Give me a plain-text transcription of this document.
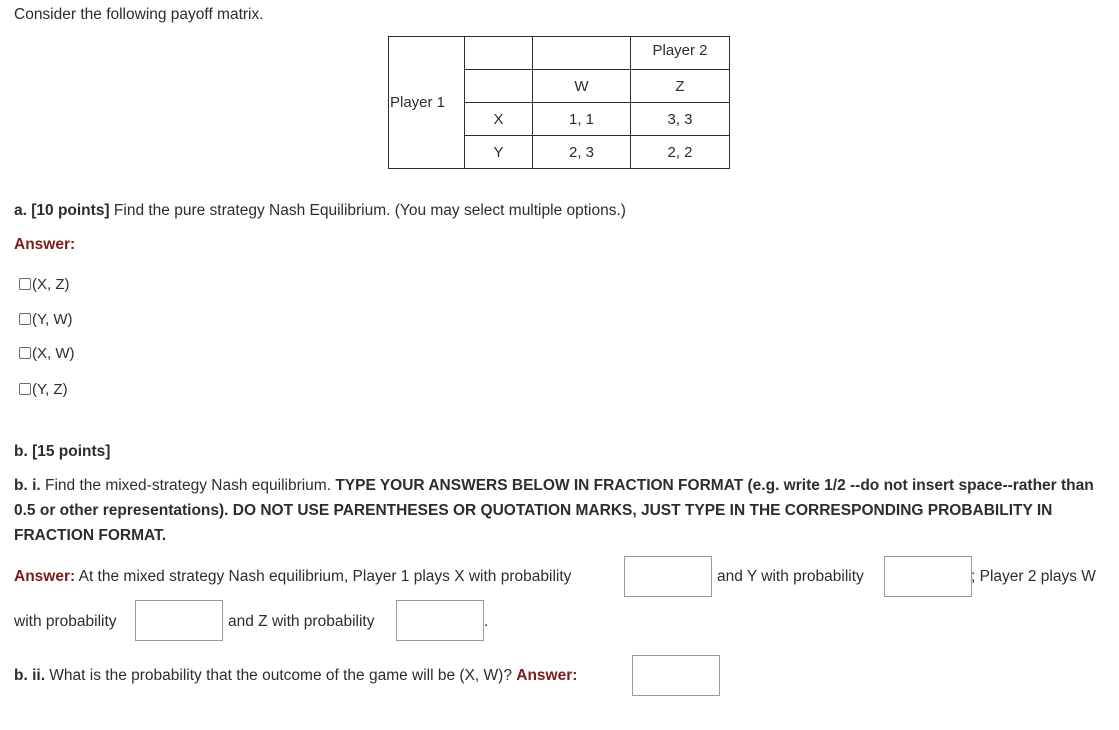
Consider the following payoff matrix.
Player 1			Player 2
		W	Z
	X	1, 1	3, 3
	Y	2, 3	2, 2
a. [10 points] Find the pure strategy Nash Equilibrium. (You may select multiple options.)
Answer:
(X, Z)
(Y, W)
(X, W)
(Y, Z)
b. [15 points]
b. i. Find the mixed-strategy Nash equilibrium. TYPE YOUR ANSWERS BELOW IN FRACTION FORMAT (e.g. write 1/2 --do not insert space--rather than 0.5 or other representations). DO NOT USE PARENTHESES OR QUOTATION MARKS, JUST TYPE IN THE CORRESPONDING PROBABILITY IN FRACTION FORMAT.
Answer: At the mixed strategy Nash equilibrium, Player 1 plays X with probability	and Y with probability	; Player 2 plays W
with probability	and Z with probability	.
b. ii. What is the probability that the outcome of the game will be (X, W)? Answer:
